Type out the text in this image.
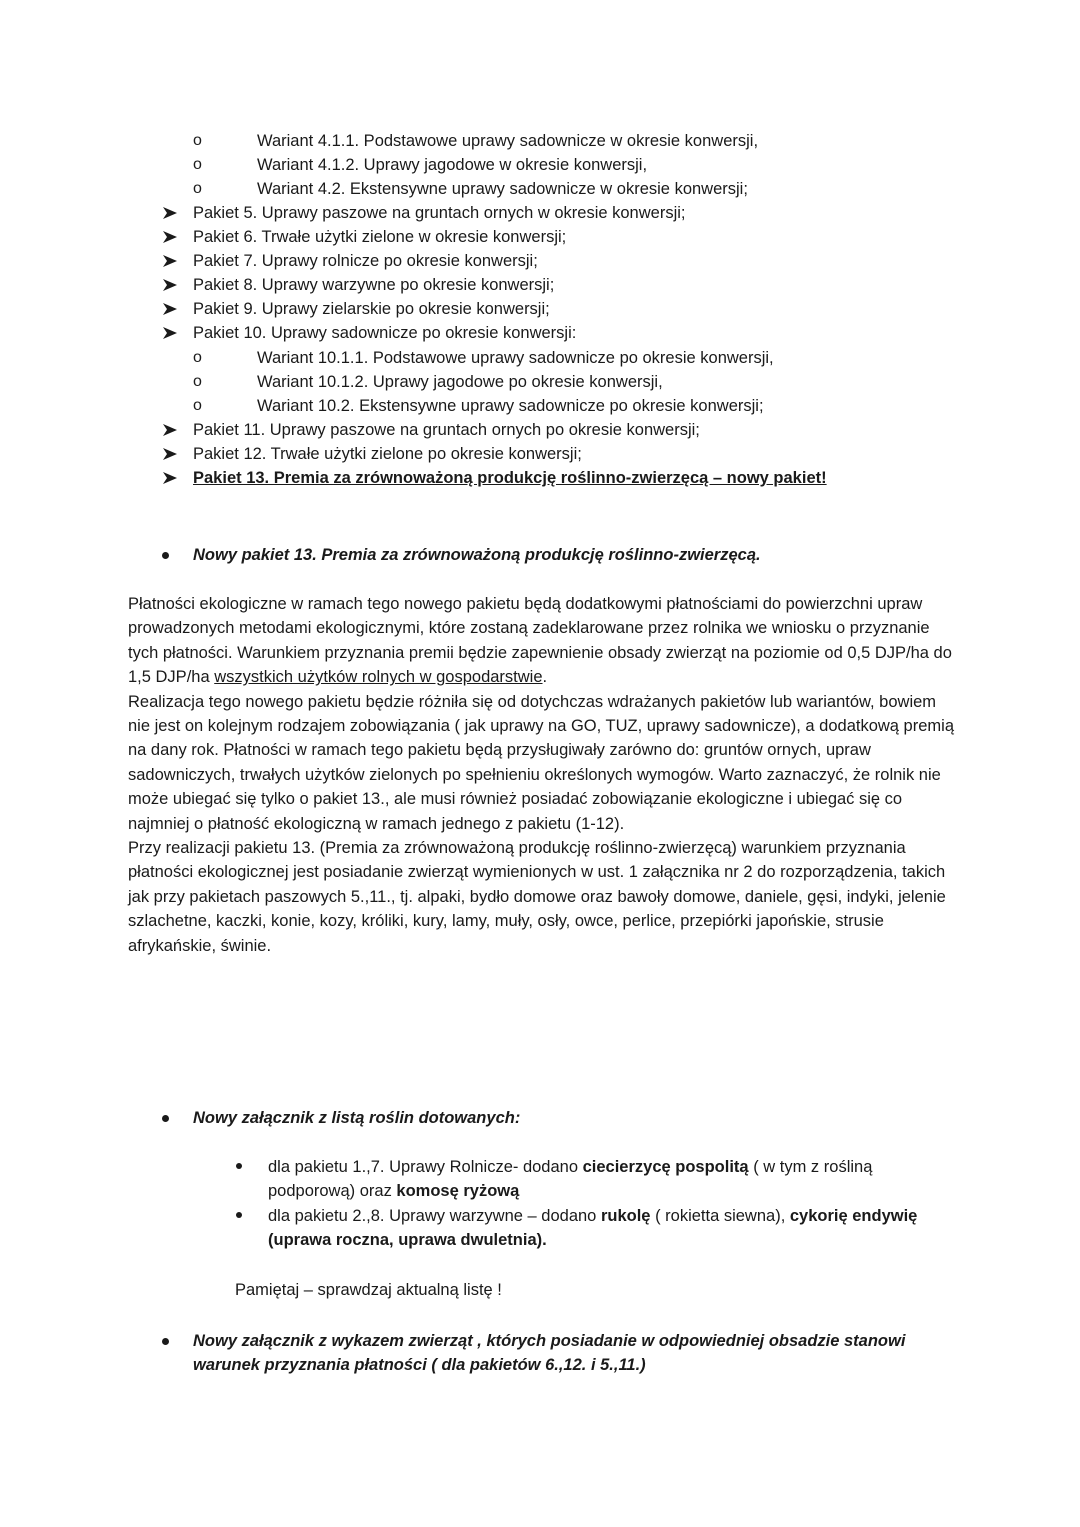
o	Wariant 4.1.1. Podstawowe uprawy sadownicze w okresie konwersji,
o	Wariant 4.1.2. Uprawy jagodowe w okresie konwersji,
o	Wariant 4.2. Ekstensywne uprawy sadownicze w okresie konwersji;
Pakiet 5. Uprawy paszowe na gruntach ornych w okresie konwersji;
Pakiet 6. Trwałe użytki zielone w okresie konwersji;
Pakiet 7. Uprawy rolnicze po okresie konwersji;
Pakiet 8. Uprawy warzywne po okresie konwersji;
Pakiet 9. Uprawy zielarskie po okresie konwersji;
Pakiet 10. Uprawy sadownicze po okresie konwersji:
o	Wariant 10.1.1. Podstawowe uprawy sadownicze po okresie konwersji,
o	Wariant 10.1.2. Uprawy jagodowe po okresie konwersji,
o	Wariant 10.2. Ekstensywne uprawy sadownicze po okresie konwersji;
Pakiet 11. Uprawy paszowe na gruntach ornych po okresie konwersji;
Pakiet 12. Trwałe użytki zielone po okresie konwersji;
Pakiet 13. Premia za zrównoważoną produkcję roślinno-zwierzęcą – nowy pakiet!
Nowy pakiet 13. Premia za zrównoważoną produkcję roślinno-zwierzęcą.

Płatności ekologiczne w ramach tego nowego pakietu będą dodatkowymi płatnościami do powierzchni upraw prowadzonych metodami ekologicznymi, które zostaną zadeklarowane przez rolnika we wniosku o przyznanie tych płatności. Warunkiem przyznania premii będzie zapewnienie obsady zwierząt na poziomie od 0,5 DJP/ha do 1,5 DJP/ha wszystkich użytków rolnych w gospodarstwie.

Realizacja tego nowego pakietu będzie różniła się od dotychczas wdrażanych pakietów lub wariantów, bowiem nie jest on kolejnym rodzajem zobowiązania ( jak uprawy na GO, TUZ, uprawy sadownicze), a dodatkową premią na dany rok. Płatności w ramach tego pakietu będą przysługiwały zarówno do: gruntów ornych, upraw sadowniczych, trwałych użytków zielonych po spełnieniu określonych wymogów. Warto zaznaczyć, że rolnik nie może ubiegać się tylko o pakiet 13., ale musi również posiadać zobowiązanie ekologiczne i ubiegać się co najmniej o płatność ekologiczną w ramach jednego z pakietu (1-12).

Przy realizacji pakietu 13. (Premia za zrównoważoną produkcję roślinno-zwierzęcą) warunkiem przyznania płatności ekologicznej jest posiadanie zwierząt wymienionych w ust. 1 załącznika nr 2 do rozporządzenia, takich jak przy pakietach paszowych 5.,11., tj. alpaki, bydło domowe oraz bawoły domowe, daniele, gęsi, indyki, jelenie szlachetne, kaczki, konie, kozy, króliki, kury, lamy, muły, osły, owce, perlice, przepiórki japońskie, strusie afrykańskie, świnie.

Nowy załącznik z listą roślin dotowanych:
dla pakietu 1.,7. Uprawy Rolnicze- dodano ciecierzycę pospolitą ( w tym z rośliną podporową) oraz komosę ryżową
dla pakietu 2.,8. Uprawy warzywne – dodano rukolę ( rokietta siewna), cykorię endywię (uprawa roczna, uprawa dwuletnia).
Pamiętaj – sprawdzaj aktualną listę !
Nowy załącznik z wykazem zwierząt , których posiadanie w odpowiedniej obsadzie stanowi warunek przyznania płatności ( dla pakietów 6.,12. i 5.,11.)
